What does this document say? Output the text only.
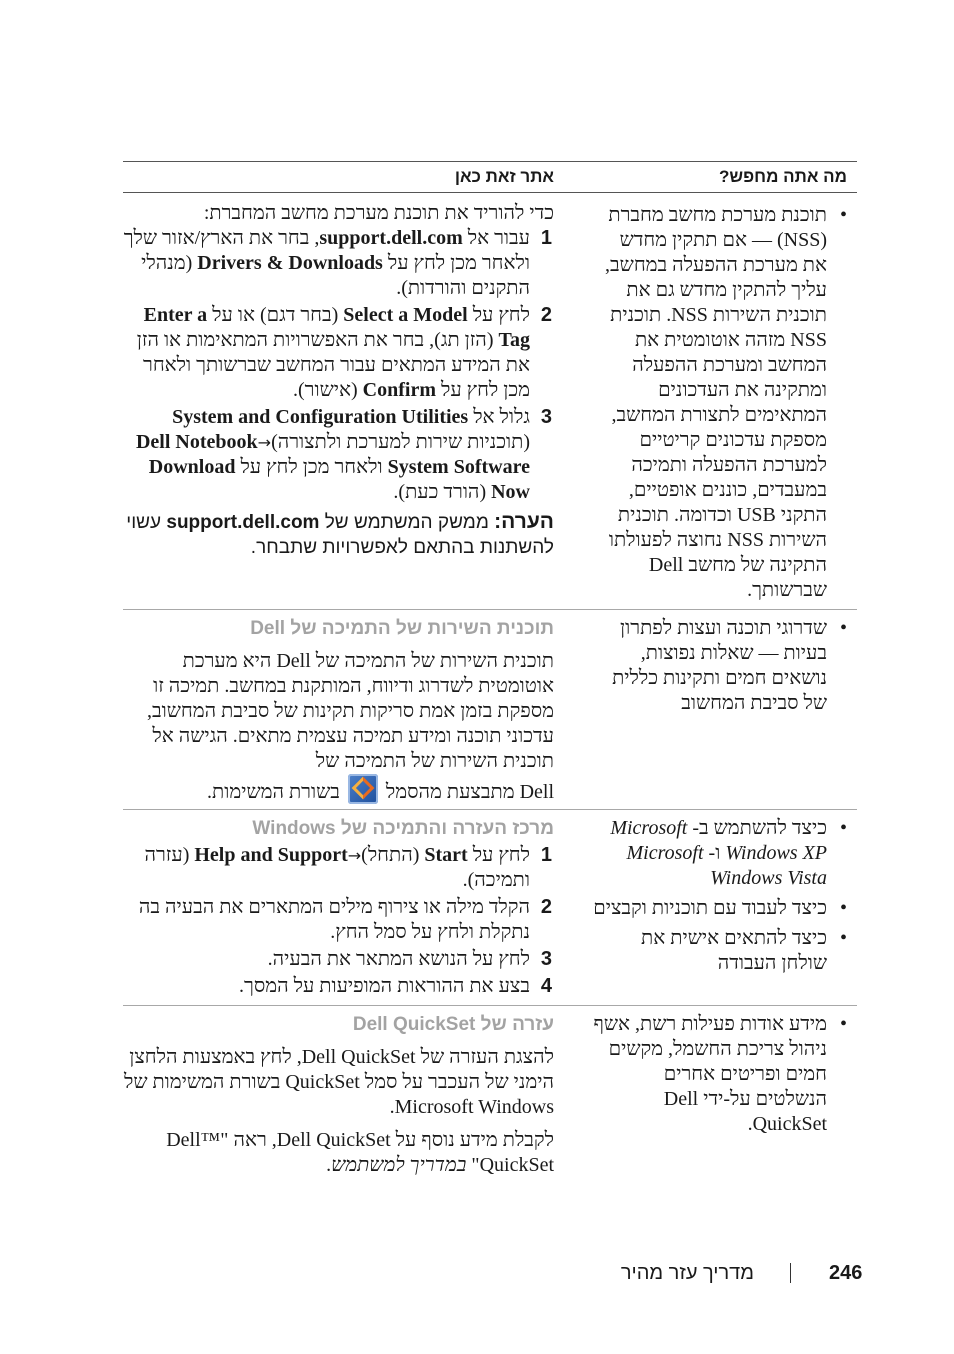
מה אתה מחפש?
אתר זאת כאן
• תוכנת מערכת מחשב מחברת (NSS) — אם תתקין מחדש את מערכת ההפעלה במחשב, עליך להתקין מחדש גם את תוכנית השירות NSS. תוכנית NSS מזהה אוטומטית את המחשב ומערכת ההפעלה ומתקינה את העדכונים המתאימים לתצורת המחשב, מספקת עדכונים קריטיים למערכת ההפעלה ותמיכה במעבדים, כוננים אופטיים, התקני USB וכדומה. תוכנית השירות NSS נחוצה לפעולתו התקינה של מחשב Dell שברשותך.
כדי להוריד את תוכנת מערכת מחשב המחברת:
1
עבור אל support.dell.com, בחר את הארץ/אזור שלך ולאחר מכן לחץ על Drivers & Downloads (מנהלי התקנים והורדות).
2
לחץ על Select a Model (בחר דגם) או על Enter a Tag (הזן תג), בחר את האפשרויות המתאימות או הזן את המידע המתאים עבור המחשב שברשותך ולאחר מכן לחץ על Confirm (אישור).
3
גלול אל System and Configuration Utilities (תוכניות שירות למערכת ולתצורה)→Dell Notebook System Software ולאחר מכן לחץ על Download Now (הורד כעת).
הערה: ממשק המשתמש של support.dell.com עשוי להשתנות בהתאם לאפשרויות שתבחר.
• שדרוגי תוכנה ועצות לפתרון בעיות — שאלות נפוצות, נושאים חמים ותקינות כללית של סביבת המחשוב
תוכנית השירות של התמיכה של Dell
תוכנית השירות של התמיכה של Dell היא מערכת אוטומטית לשדרוג ודיווח, המותקנת במחשב. תמיכה זו מספקת בזמן אמת סריקות תקינות של סביבת המחשוב, עדכוני תוכנה ומידע תמיכה עצמית מתאים. הגישה אל תוכנית השירות של התמיכה של
Dell מתבצעת מהסמל  בשורת המשימות.
• כיצד להשתמש ב- Microsoft Windows XP ו- Microsoft Windows Vista
• כיצד לעבוד עם תוכניות וקבצים
• כיצד להתאים אישית את שולחן העבודה
מרכז העזרה והתמיכה של Windows
1
לחץ על Start (התחל)→Help and Support (עזרה ותמיכה).
2
הקלד מילה או צירוף מילים המתארים את הבעיה בה נתקלת ולחץ על סמל החץ.
3
לחץ על הנושא המתאר את הבעיה.
4
בצע את ההוראות המופיעות על המסך.
• מידע אודות פעילות רשת, אשף ניהול צריכת החשמל, מקשים חמים ופריטים אחרים הנשלטים על-ידי Dell QuickSet.
עזרה של Dell QuickSet
להצגת העזרה של Dell QuickSet, לחץ באמצעות הלחצן הימני של העכבר על סמל QuickSet בשורת המשימות של Microsoft Windows.
לקבלת מידע נוסף על Dell QuickSet, ראה "Dell™ QuickSet" במדריך למשתמש.
246
מדריך עזר מהיר
